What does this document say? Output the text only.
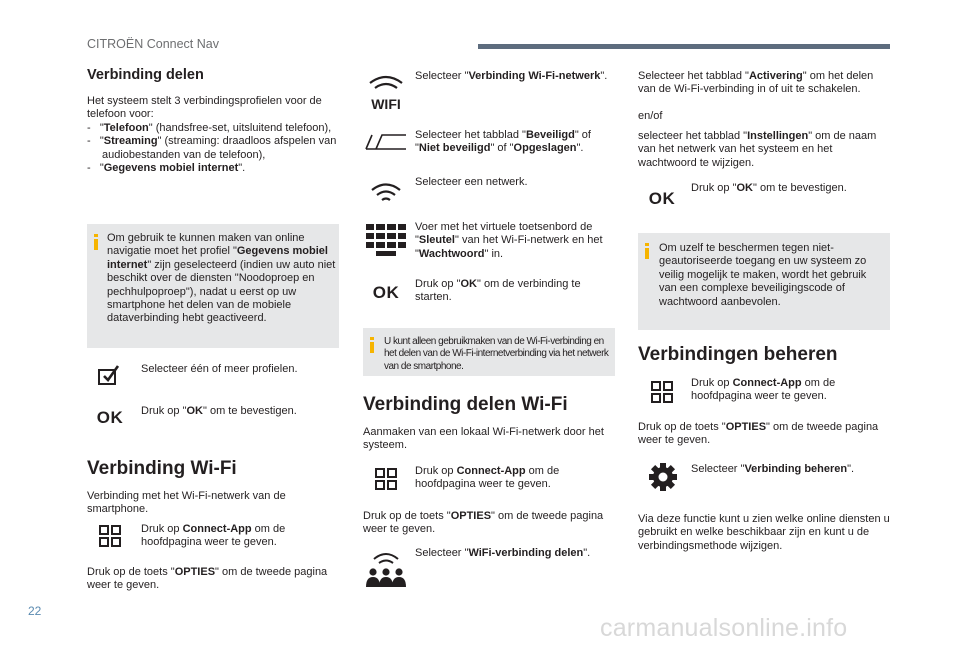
CITROËN Connect Nav
Verbinding delen

Het systeem stelt 3 verbindingsprofielen voor de telefoon voor:

- "Telefoon" (handsfree-set, uitsluitend telefoon),
- "Streaming" (streaming: draadloos afspelen van audiobestanden van de telefoon),
- "Gegevens mobiel internet".
Om gebruik te kunnen maken van online navigatie moet het profiel "Gegevens mobiel internet" zijn geselecteerd (indien uw auto niet beschikt over de diensten "Noodoproep en pechhulpoproep"), nadat u eerst op uw smartphone het delen van de mobiele dataverbinding hebt geactiveerd.
Selecteer één of meer profielen.
OK	Druk op "OK" om te bevestigen.
Verbinding Wi-Fi
Verbinding met het Wi-Fi-netwerk van de smartphone.
Druk op Connect-App om de hoofdpagina weer te geven.
Druk op de toets "OPTIES" om de tweede pagina weer te geven.
WIFI
Selecteer "Verbinding Wi-Fi-netwerk".
Selecteer het tabblad "Beveiligd" of "Niet beveiligd" of "Opgeslagen".
Selecteer een netwerk.
Voer met het virtuele toetsenbord de "Sleutel" van het Wi-Fi-netwerk en het "Wachtwoord" in.
OK	Druk op "OK" om de verbinding te starten.
U kunt alleen gebruikmaken van de Wi-Fi-verbinding en het delen van de Wi-Fi-internetverbinding via het netwerk van de smartphone.
Verbinding delen Wi-Fi
Aanmaken van een lokaal Wi-Fi-netwerk door het systeem.
Druk op Connect-App om de hoofdpagina weer te geven.
Druk op de toets "OPTIES" om de tweede pagina weer te geven.
Selecteer "WiFi-verbinding delen".
Selecteer het tabblad "Activering" om het delen van de Wi-Fi-verbinding in of uit te schakelen.
en/of
selecteer het tabblad "Instellingen" om de naam van het netwerk van het systeem en het wachtwoord te wijzigen.
OK
Druk op "OK" om te bevestigen.
Om uzelf te beschermen tegen niet-geautoriseerde toegang en uw systeem zo veilig mogelijk te maken, wordt het gebruik van een complexe beveiligingscode of wachtwoord aanbevolen.
Verbindingen beheren
Druk op Connect-App om de hoofdpagina weer te geven.
Druk op de toets "OPTIES" om de tweede pagina weer te geven.
Selecteer "Verbinding beheren".
Via deze functie kunt u zien welke online diensten u gebruikt en welke beschikbaar zijn en kunt u de verbindingsmethode wijzigen.
22
carmanualsonline.info
